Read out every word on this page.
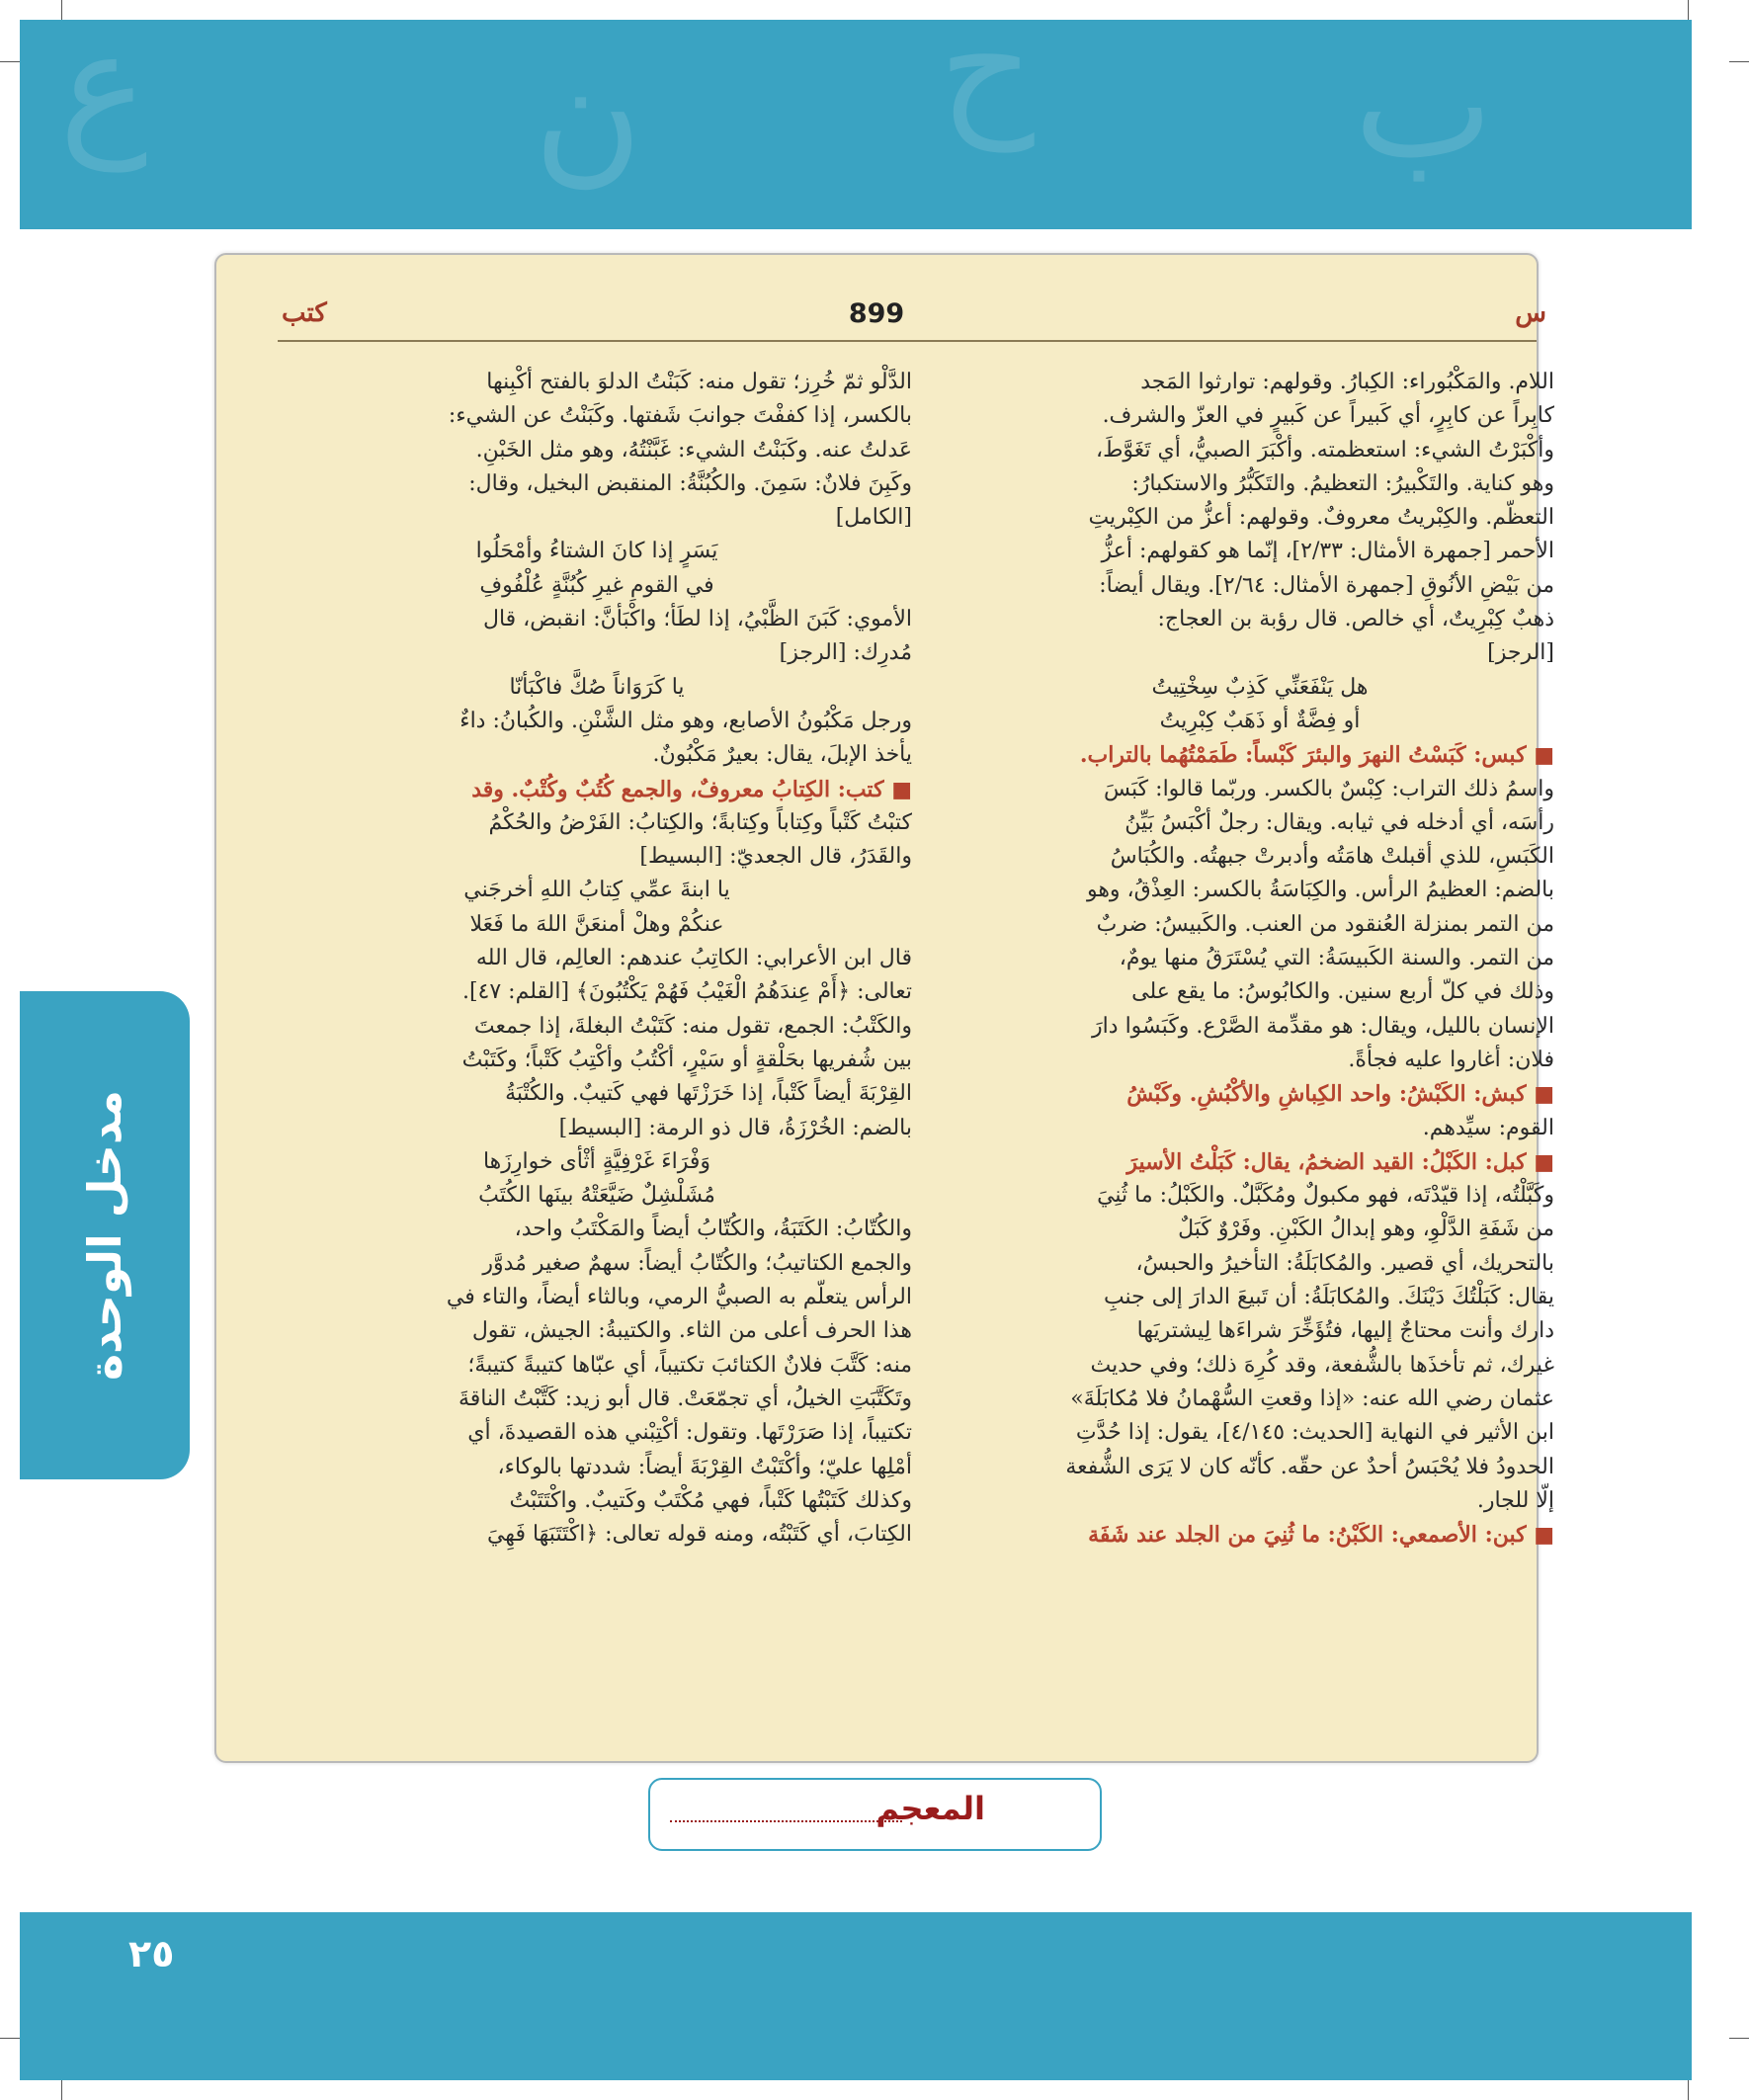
ع	ن ح ب
مدخل الوحدة
899
كتب	س

الدَّلْو ثمّ خُرِز؛ تقول منه: كَبَنْتُ الدلوَ بالفتح أكْبِنها

بالكسر، إذا كففْتَ جوانبَ شَفتها. وكَبَنْتُ عن الشيء:

عَدلتُ عنه. وكَبَنْتُ الشيء: غَبَّنْتُهُ، وهو مثل الخَبْنِ.

وكَبِنَ فلانٌ: سَمِنَ. والكُبُنَّةُ: المنقبض البخيل، وقال:

[الكامل]

يَسَرٍ إذا كانَ الشتاءُ وأمْحَلُوا

في القومِ غيرِ كُبُنَّةٍ عُلْفُوفِ

الأموي: كَبَنَ الظَّبْيُ، إذا لطَأ؛ واكْبَأنَّ: انقبض، قال

مُدرِك: [الرجز]

يا كَرَوَاناً صُكَّ فاكْبَأنّا

ورجل مَكْبُونُ الأصابع، وهو مثل الشَّنْنِ. والكُبانُ: داءٌ

يأخذ الإبلَ، يقال: بعيرٌ مَكْبُونٌ.

■ كتب: الكِتابُ معروفٌ، والجمع كُتُبٌ وكُتْبٌ. وقد

كتبْتُ كَتْباً وكِتاباً وكِتابةً؛ والكِتابُ: الفَرْضُ والحُكْمُ

والقَدَرُ، قال الجعديّ: [البسيط]

يا ابنةَ عمِّي كِتابُ اللهِ أخرجَني

عنكُمْ وهلْ أمنعَنَّ اللهَ ما فَعَلا

قال ابن الأعرابي: الكاتِبُ عندهم: العالِم، قال الله

تعالى: ﴿أَمْ عِندَهُمُ الْغَيْبُ فَهُمْ يَكْتُبُونَ﴾ [القلم: ٤٧].

والكَتْبُ: الجمع، تقول منه: كَتَبْتُ البغلةَ، إذا جمعتَ

بين شُفريها بحَلْقةٍ أو سَيْرٍ، أكْتُبُ وأكْتِبُ كَتْباً؛ وكَتَبْتُ

القِرْبَةَ أيضاً كَتْباً، إذا خَرَزْتَها فهي كَتيبٌ. والكُتْبَةُ

بالضم: الخُرْزَةُ، قال ذو الرمة: [البسيط]

وَفْرَاءَ غَرْفِيَّةٍ أثْأى خوارِزَها

مُشَلْشِلٌ ضَيَّعَتْهُ بينَها الكُتَبُ

والكُتّابُ: الكَتَبَةُ، والكُتّابُ أيضاً والمَكْتَبُ واحد،

والجمع الكتاتيبُ؛ والكُتّابُ أيضاً: سهمٌ صغير مُدوَّر

الرأس يتعلّم به الصبيُّ الرمي، وبالثاء أيضاً، والتاء في

هذا الحرف أعلى من الثاء. والكتيبةُ: الجيش، تقول

منه: كَتَّبَ فلانٌ الكتائبَ تكتيباً، أي عبّاها كتيبةً كتيبةً؛

وتَكَتَّبَتِ الخيلُ، أي تجمّعَتْ. قال أبو زيد: كَتَّبْتُ الناقةَ

تكتيباً، إذا صَرَرْتَها. وتقول: أكْتِبْني هذه القصيدةَ، أي

أمْلِها عليّ؛ وأكْتَبْتُ القِرْبَةَ أيضاً: شددتها بالوكاء،

وكذلك كَتَبْتُها كَتْباً، فهي مُكْتَبٌ وكَتيبٌ. واكْتَتَبْتُ

الكِتابَ، أي كَتَبْتُه، ومنه قوله تعالى: ﴿اكْتَتَبَهَا فَهِيَ

اللام. والمَكْبُوراء: الكِبارُ. وقولهم: توارثوا المَجد

كابِراً عن كابِرٍ، أي كَبيراً عن كَبيرٍ في العزّ والشرف.

وأكْبَرْتُ الشيء: استعظمته. وأكْبَرَ الصبيُّ، أي تَغَوَّطَ،

وهو كناية. والتَكْبيرُ: التعظيمُ. والتَكَبُّرُ والاستكبارُ:

التعظّم. والكِبْريتُ معروفٌ. وقولهم: أعزُّ من الكِبْريتِ

الأحمر [جمهرة الأمثال: ٢/٣٣]، إنّما هو كقولهم: أعزُّ

من بَيْضِ الأنُوقِ [جمهرة الأمثال: ٢/٦٤]. ويقال أيضاً:

ذهبٌ كِبْرِيتٌ، أي خالص. قال رؤبة بن العجاج:

[الرجز]

هل يَنْفَعَنِّي كَذِبٌ سِخْتِيتُ

أو فِضَّةٌ أو ذَهَبٌ كِبْرِيتُ

■ كبس: كَبَسْتُ النهرَ والبئرَ كَبْساً: طَمَمْتُهُما بالتراب.

واسمُ ذلك التراب: كِبْسٌ بالكسر. وربّما قالوا: كَبَسَ

رأسَه، أي أدخله في ثيابه. ويقال: رجلٌ أكْبَسُ بَيِّنُ

الكَبَسِ، للذي أقبلتْ هامَتُه وأدبرتْ جبهتُه. والكُبَاسُ

بالضم: العظيمُ الرأس. والكِبَاسَةُ بالكسر: العِذْقُ، وهو

من التمر بمنزلة العُنقود من العنب. والكَبيسُ: ضربٌ

من التمر. والسنة الكَبيسَةُ: التي يُسْتَرَقُ منها يومٌ،

وذلك في كلّ أربع سنين. والكابُوسُ: ما يقع على

الإنسان بالليل، ويقال: هو مقدِّمة الصَّرْع. وكَبَسُوا دارَ

فلان: أغاروا عليه فجأةً.

■ كبش: الكَبْشُ: واحد الكِباشِ والأكْبُشِ. وكَبْشُ

القوم: سيِّدهم.

■ كبل: الكَبْلُ: القيد الضخمُ، يقال: كَبَلْتُ الأسيرَ

وكَبَّلْتُه، إذا قيّدْتَه، فهو مكبولٌ ومُكَبَّلٌ. والكَبْلُ: ما ثُنِيَ

من شَفَةِ الدَّلْوِ، وهو إبدالُ الكَبْنِ. وفَرْوٌ كَبَلٌ

بالتحريك، أي قصير. والمُكابَلَةُ: التأخيرُ والحبسُ،

يقال: كَبَلْتُكَ دَيْنَكَ. والمُكابَلَةُ: أن تَبيعَ الدارَ إلى جنبِ

دارك وأنت محتاجٌ إليها، فتُؤَخِّرَ شراءَها لِيشتريَها

غيرك، ثم تأخذَها بالشُّفعة، وقد كُرِهَ ذلك؛ وفي حديث

عثمان رضي الله عنه: «إذا وقعتِ السُّهْمانُ فلا مُكابَلَةَ»

ابن الأثير في النهاية [الحديث: ٤/١٤٥]، يقول: إذا حُدَّتِ

الحدودُ فلا يُحْبَسُ أحدٌ عن حقّه. كأنّه كان لا يَرَى الشُّفعة

إلّا للجار.

■ كبن: الأصمعي: الكَبْنُ: ما ثُنِيَ من الجلد عند شَفَة

المعجم
٢٥
